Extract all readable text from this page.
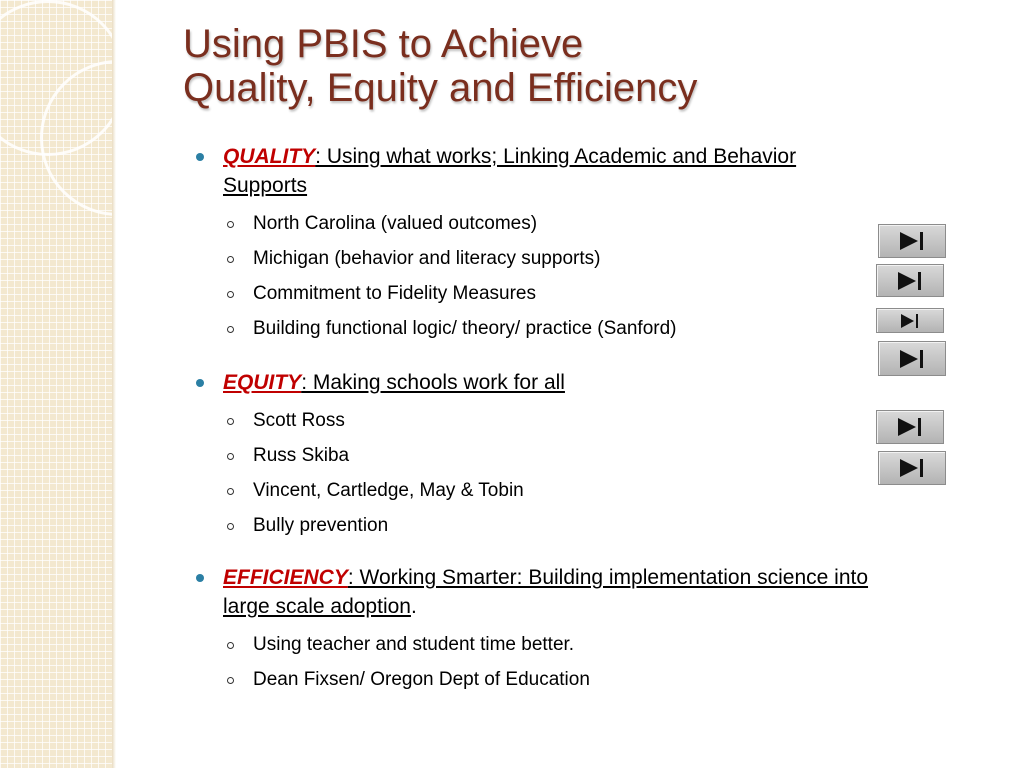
Using PBIS to Achieve
Quality, Equity and Efficiency
QUALITY: Using what works; Linking Academic and Behavior Supports
North Carolina (valued outcomes)
Michigan (behavior and literacy supports)
Commitment to Fidelity Measures
Building functional logic/ theory/ practice (Sanford)
EQUITY: Making schools work for all
Scott Ross
Russ Skiba
Vincent, Cartledge, May & Tobin
Bully prevention
EFFICIENCY: Working Smarter: Building implementation science into large scale adoption.
Using teacher and student time better.
Dean Fixsen/ Oregon Dept of Education
